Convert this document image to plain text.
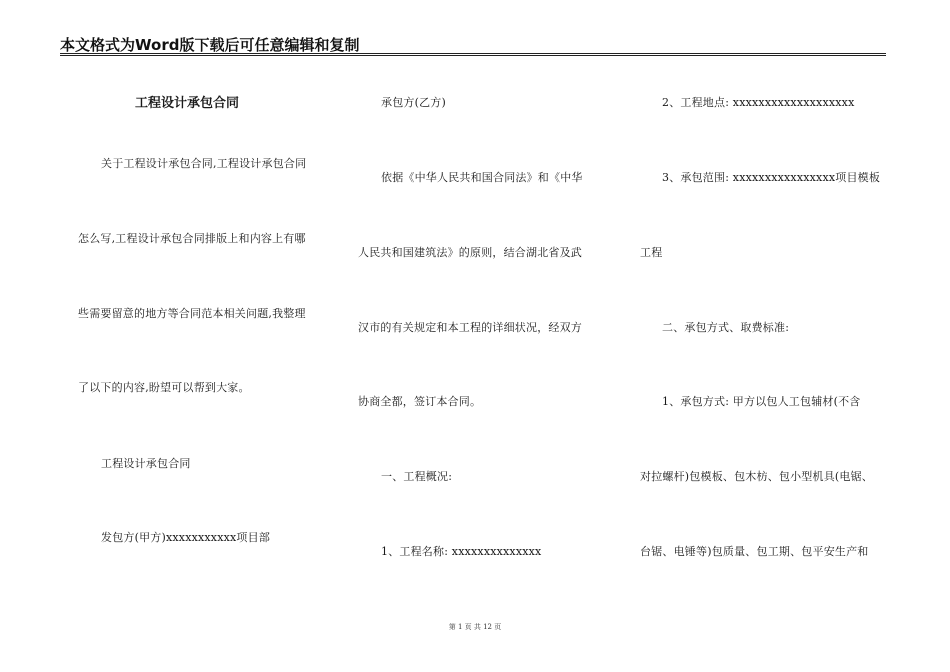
本文格式为Word版下载后可任意编辑和复制
工程设计承包合同
关于工程设计承包合同,工程设计承包合同
怎么写,工程设计承包合同排版上和内容上有哪
些需要留意的地方等合同范本相关问题,我整理
了以下的内容,盼望可以帮到大家。
工程设计承包合同
发包方(甲方)xxxxxxxxxxx项目部
承包方(乙方)
依据《中华人民共和国合同法》和《中华
人民共和国建筑法》的原则，结合湖北省及武
汉市的有关规定和本工程的详细状况，经双方
协商全都，签订本合同。
一、工程概况:
1、工程名称: xxxxxxxxxxxxxx
2、工程地点: xxxxxxxxxxxxxxxxxxx
3、承包范围: xxxxxxxxxxxxxxxx项目模板
工程
二、承包方式、取费标准:
1、承包方式: 甲方以包人工包辅材(不含
对拉螺杆)包模板、包木枋、包小型机具(电锯、
台锯、电锤等)包质量、包工期、包平安生产和
第 1 页 共 12 页
